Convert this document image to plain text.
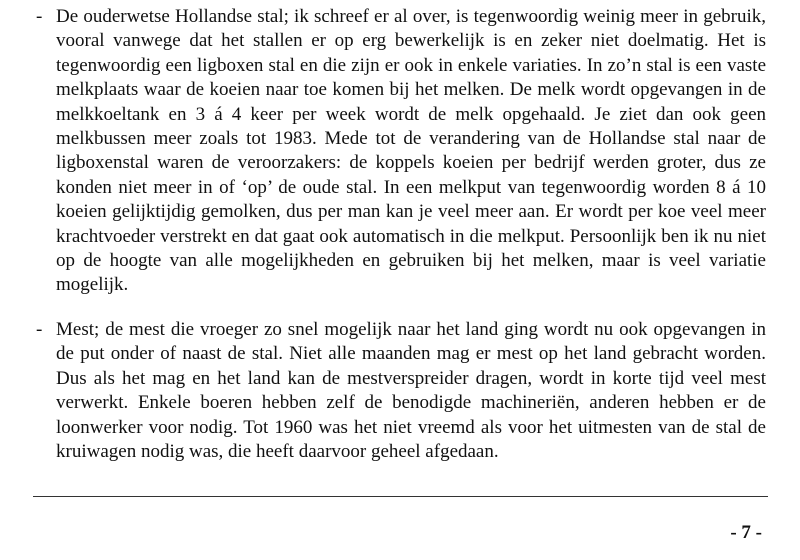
- De ouderwetse Hollandse stal; ik schreef er al over, is tegenwoordig weinig meer in gebruik, vooral vanwege dat het stallen er op erg bewerkelijk is en zeker niet doelmatig. Het is tegenwoordig een ligboxen stal en die zijn er ook in enkele variaties. In zo’n stal is een vaste melkplaats waar de koeien naar toe komen bij het melken. De melk wordt opgevangen in de melkkoeltank en 3 á 4 keer per week wordt de melk opgehaald. Je ziet dan ook geen melkbussen meer zoals tot 1983. Mede tot de verandering van de Hollandse stal naar de ligboxenstal waren de veroorzakers: de koppels koeien per bedrijf werden groter, dus ze konden niet meer in of ‘op’ de oude stal. In een melkput van tegenwoordig worden 8 á 10 koeien gelijktijdig gemolken, dus per man kan je veel meer aan. Er wordt per koe veel meer krachtvoeder verstrekt en dat gaat ook automatisch in die melkput. Persoonlijk ben ik nu niet op de hoogte van alle mogelijkheden en gebruiken bij het melken, maar is veel variatie mogelijk.

- Mest; de mest die vroeger zo snel mogelijk naar het land ging wordt nu ook opgevangen in de put onder of naast de stal. Niet alle maanden mag er mest op het land gebracht worden. Dus als het mag en het land kan de mestverspreider dragen, wordt in korte tijd veel mest verwerkt. Enkele boeren hebben zelf de benodigde machineriën, anderen hebben er de loonwerker voor nodig. Tot 1960 was het niet vreemd als voor het uitmesten van de stal de kruiwagen nodig was, die heeft daarvoor geheel afgedaan.

- 7 -
